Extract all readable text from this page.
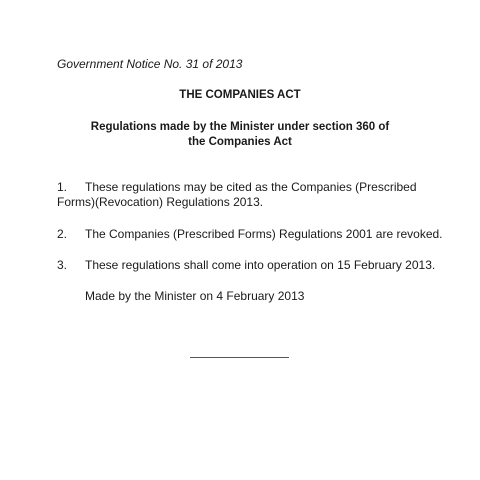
Government Notice No. 31 of 2013
THE COMPANIES ACT
Regulations made by the Minister under section 360 of
the Companies Act
1. These regulations may be cited as the Companies (Prescribed Forms)(Revocation) Regulations 2013.
2. The Companies (Prescribed Forms) Regulations 2001 are revoked.
3. These regulations shall come into operation on 15 February 2013.
Made by the Minister on 4 February 2013
